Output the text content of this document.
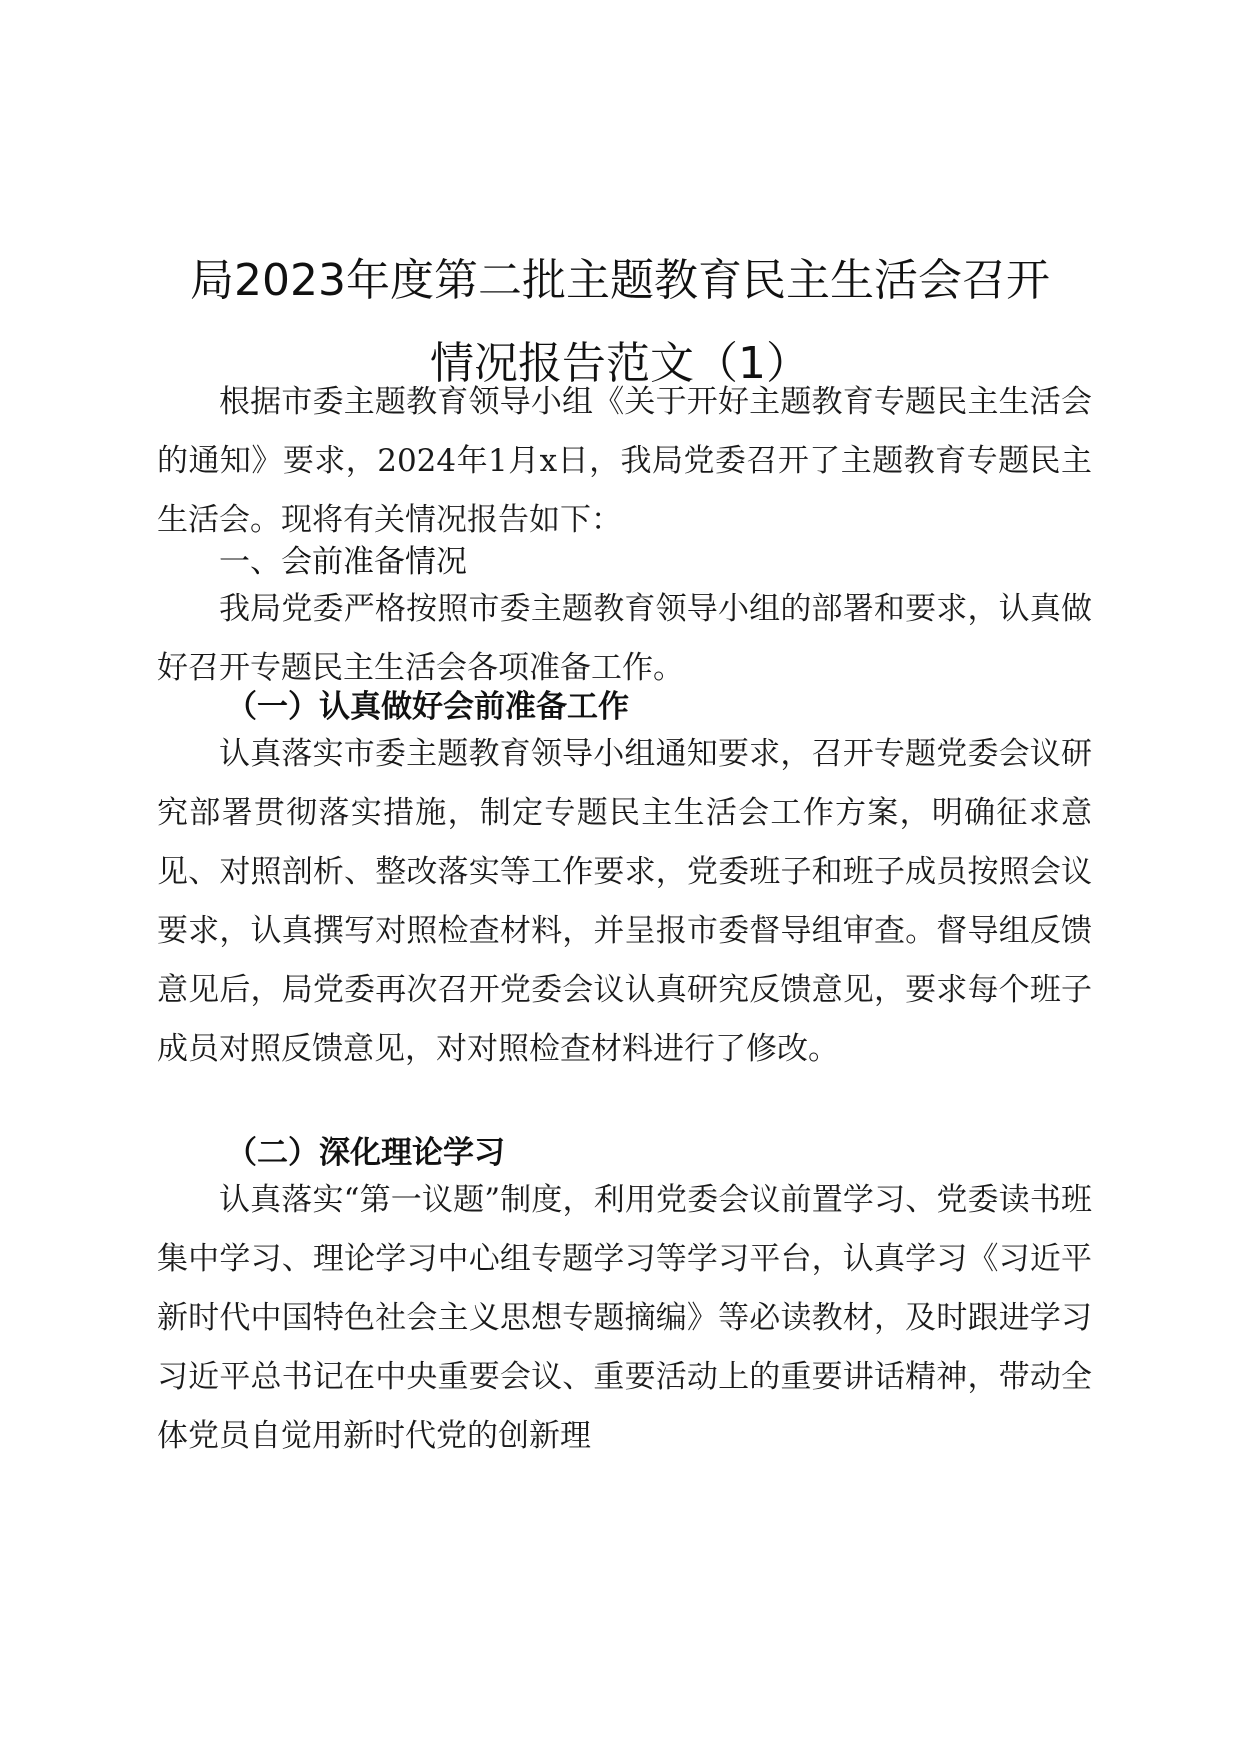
局2023年度第二批主题教育民主生活会召开
情况报告范文（1）

根据市委主题教育领导小组《关于开好主题教育专题民主生活会的通知》要求，2024年1月x日，我局党委召开了主题教育专题民主生活会。现将有关情况报告如下：

一、会前准备情况

我局党委严格按照市委主题教育领导小组的部署和要求，认真做好召开专题民主生活会各项准备工作。

（一）认真做好会前准备工作

认真落实市委主题教育领导小组通知要求，召开专题党委会议研究部署贯彻落实措施，制定专题民主生活会工作方案，明确征求意见、对照剖析、整改落实等工作要求，党委班子和班子成员按照会议要求，认真撰写对照检查材料，并呈报市委督导组审查。督导组反馈意见后，局党委再次召开党委会议认真研究反馈意见，要求每个班子成员对照反馈意见，对对照检查材料进行了修改。

（二）深化理论学习

认真落实“第一议题”制度，利用党委会议前置学习、党委读书班集中学习、理论学习中心组专题学习等学习平台，认真学习《习近平新时代中国特色社会主义思想专题摘编》等必读教材，及时跟进学习习近平总书记在中央重要会议、重要活动上的重要讲话精神，带动全体党员自觉用新时代党的创新理
